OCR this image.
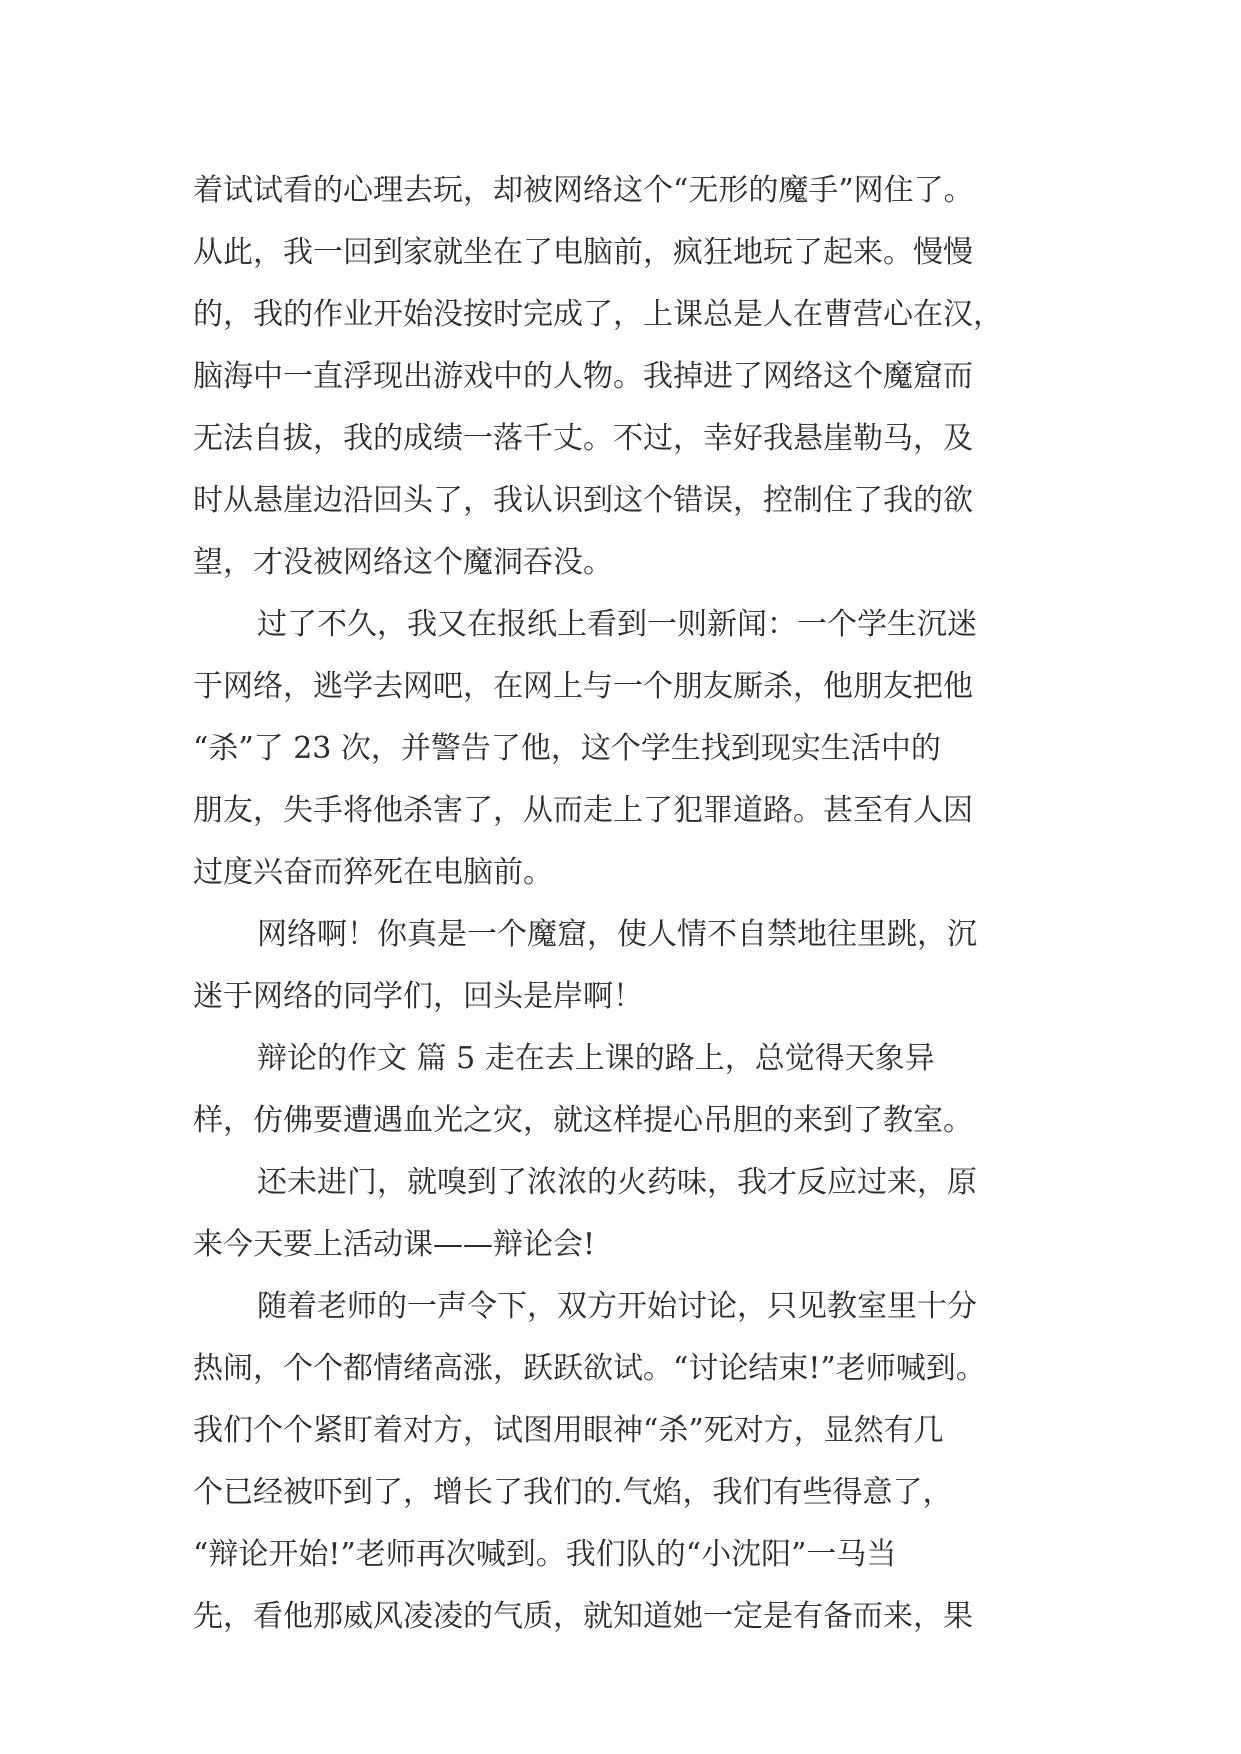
着试试看的心理去玩，却被网络这个“无形的魔手”网住了。
从此，我一回到家就坐在了电脑前，疯狂地玩了起来。慢慢
的，我的作业开始没按时完成了，上课总是人在曹营心在汉，
脑海中一直浮现出游戏中的人物。我掉进了网络这个魔窟而
无法自拔，我的成绩一落千丈。不过，幸好我悬崖勒马，及
时从悬崖边沿回头了，我认识到这个错误，控制住了我的欲
望，才没被网络这个魔洞吞没。
过了不久，我又在报纸上看到一则新闻：一个学生沉迷
于网络，逃学去网吧，在网上与一个朋友厮杀，他朋友把他
“杀”了 23 次，并警告了他，这个学生找到现实生活中的
朋友，失手将他杀害了，从而走上了犯罪道路。甚至有人因
过度兴奋而猝死在电脑前。
网络啊！你真是一个魔窟，使人情不自禁地往里跳，沉
迷于网络的同学们，回头是岸啊！
辩论的作文 篇 5 走在去上课的路上，总觉得天象异
样，仿佛要遭遇血光之灾，就这样提心吊胆的来到了教室。
还未进门，就嗅到了浓浓的火药味，我才反应过来，原
来今天要上活动课——辩论会!
随着老师的一声令下，双方开始讨论，只见教室里十分
热闹，个个都情绪高涨，跃跃欲试。“讨论结束!”老师喊到。
我们个个紧盯着对方，试图用眼神“杀”死对方，显然有几
个已经被吓到了，增长了我们的.气焰，我们有些得意了，
“辩论开始!”老师再次喊到。我们队的“小沈阳”一马当
先，看他那威风凌凌的气质，就知道她一定是有备而来，果
